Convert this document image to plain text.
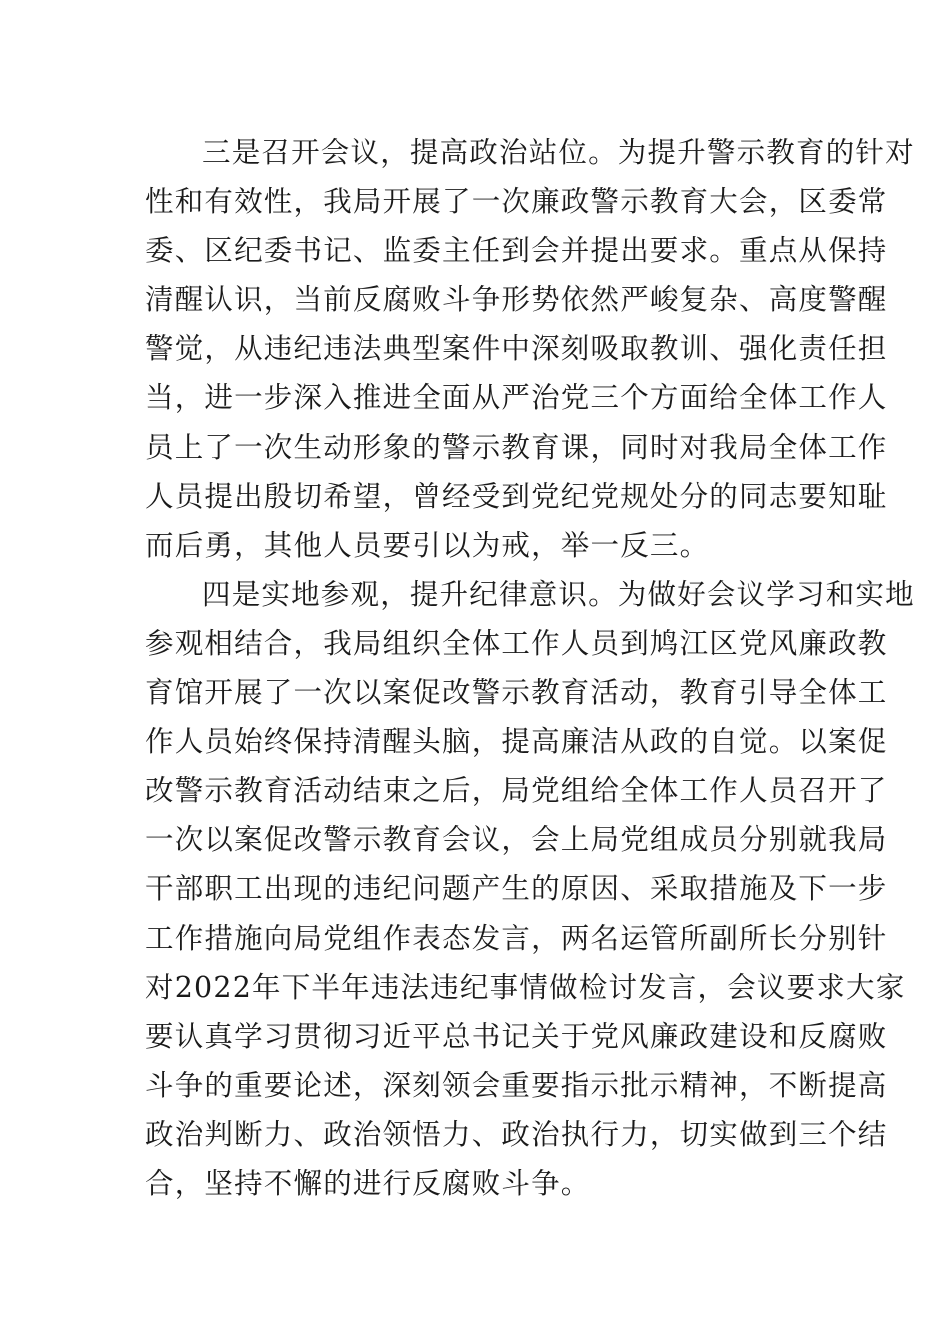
三是召开会议，提高政治站位。为提升警示教育的针对
性和有效性，我局开展了一次廉政警示教育大会，区委常
委、区纪委书记、监委主任到会并提出要求。重点从保持
清醒认识，当前反腐败斗争形势依然严峻复杂、高度警醒
警觉，从违纪违法典型案件中深刻吸取教训、强化责任担
当，进一步深入推进全面从严治党三个方面给全体工作人
员上了一次生动形象的警示教育课，同时对我局全体工作
人员提出殷切希望，曾经受到党纪党规处分的同志要知耻
而后勇，其他人员要引以为戒，举一反三。
四是实地参观，提升纪律意识。为做好会议学习和实地
参观相结合，我局组织全体工作人员到鸠江区党风廉政教
育馆开展了一次以案促改警示教育活动，教育引导全体工
作人员始终保持清醒头脑，提高廉洁从政的自觉。以案促
改警示教育活动结束之后，局党组给全体工作人员召开了
一次以案促改警示教育会议，会上局党组成员分别就我局
干部职工出现的违纪问题产生的原因、采取措施及下一步
工作措施向局党组作表态发言，两名运管所副所长分别针
对2022年下半年违法违纪事情做检讨发言，会议要求大家
要认真学习贯彻习近平总书记关于党风廉政建设和反腐败
斗争的重要论述，深刻领会重要指示批示精神，不断提高
政治判断力、政治领悟力、政治执行力，切实做到三个结
合，坚持不懈的进行反腐败斗争。
